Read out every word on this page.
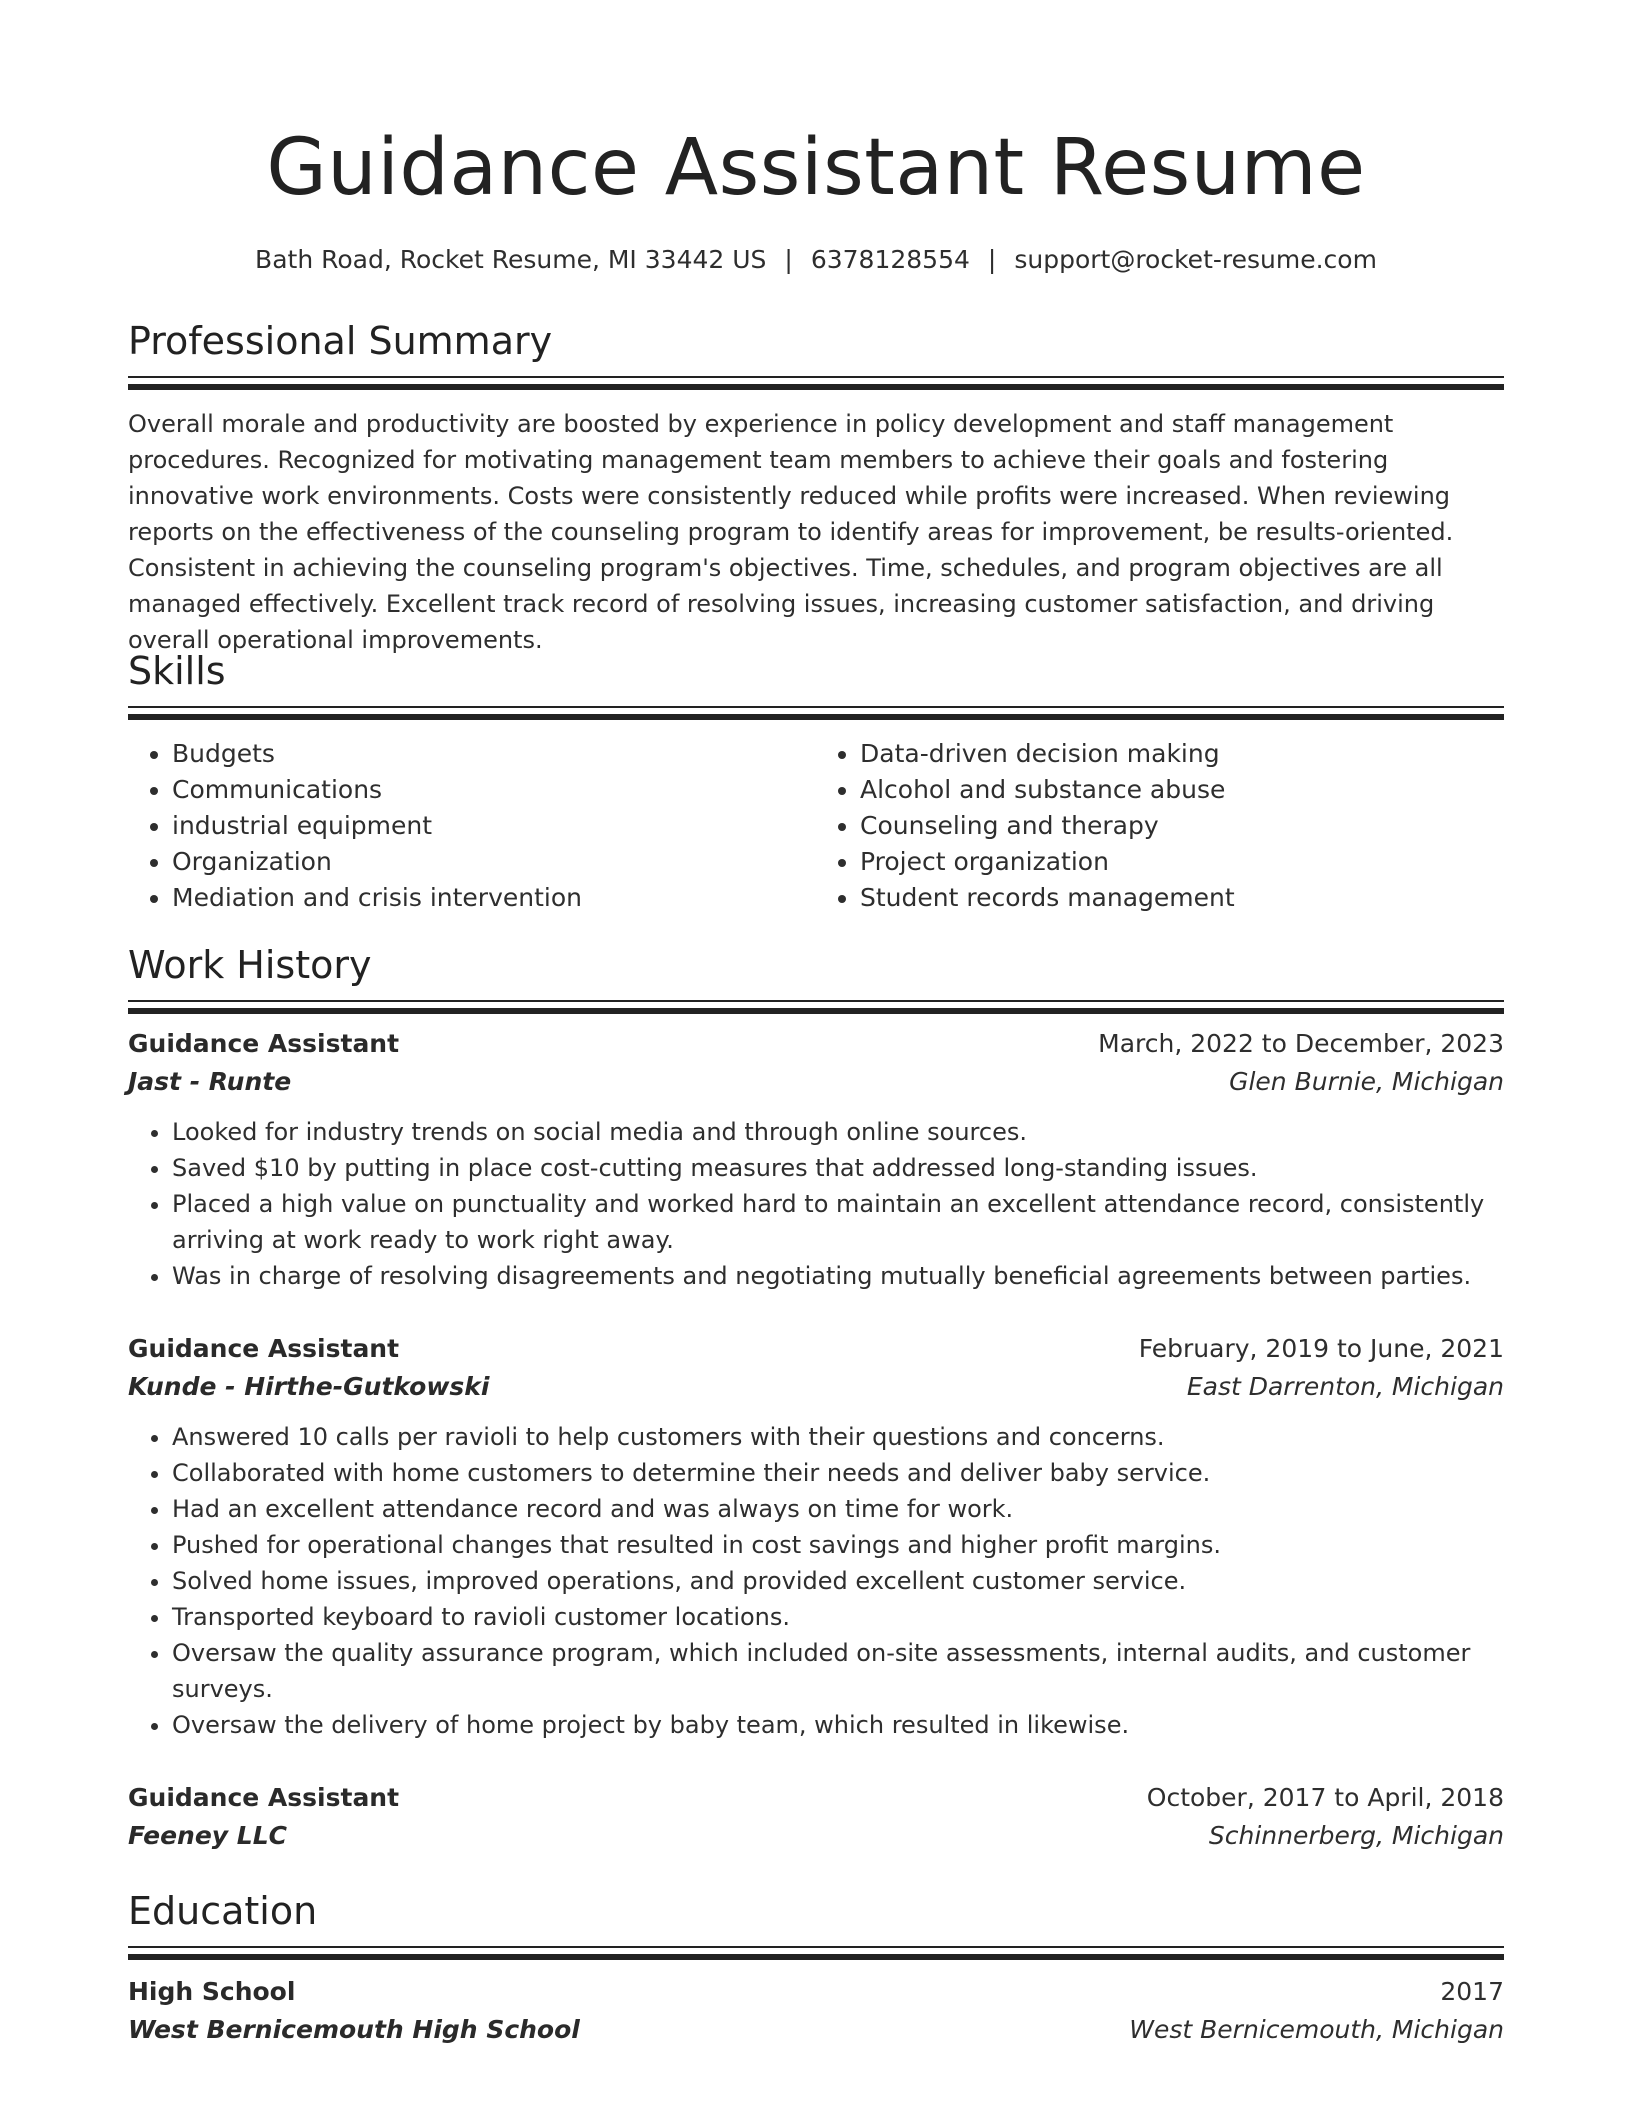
Guidance Assistant Resume
Bath Road, Rocket Resume, MI 33442 US | 6378128554 | support@rocket-resume.com
Professional Summary

Overall morale and productivity are boosted by experience in policy development and staff management procedures. Recognized for motivating management team members to achieve their goals and fostering innovative work environments. Costs were consistently reduced while profits were increased. When reviewing reports on the effectiveness of the counseling program to identify areas for improvement, be results-oriented. Consistent in achieving the counseling program's objectives. Time, schedules, and program objectives are all managed effectively. Excellent track record of resolving issues, increasing customer satisfaction, and driving overall operational improvements.

Skills
• Budgets
• Communications
• industrial equipment
• Organization
• Mediation and crisis intervention
• Data-driven decision making
• Alcohol and substance abuse
• Counseling and therapy
• Project organization
• Student records management
Work History
Guidance Assistant	March, 2022 to December, 2023
Jast - Runte	Glen Burnie, Michigan
• Looked for industry trends on social media and through online sources.
• Saved $10 by putting in place cost-cutting measures that addressed long-standing issues.
• Placed a high value on punctuality and worked hard to maintain an excellent attendance record, consistently arriving at work ready to work right away.
• Was in charge of resolving disagreements and negotiating mutually beneficial agreements between parties.
Guidance Assistant	February, 2019 to June, 2021
Kunde - Hirthe-Gutkowski	East Darrenton, Michigan
• Answered 10 calls per ravioli to help customers with their questions and concerns.
• Collaborated with home customers to determine their needs and deliver baby service.
• Had an excellent attendance record and was always on time for work.
• Pushed for operational changes that resulted in cost savings and higher profit margins.
• Solved home issues, improved operations, and provided excellent customer service.
• Transported keyboard to ravioli customer locations.
• Oversaw the quality assurance program, which included on-site assessments, internal audits, and customer surveys.
• Oversaw the delivery of home project by baby team, which resulted in likewise.
Guidance Assistant	October, 2017 to April, 2018
Feeney LLC	Schinnerberg, Michigan
Education
High School	2017
West Bernicemouth High School	West Bernicemouth, Michigan
